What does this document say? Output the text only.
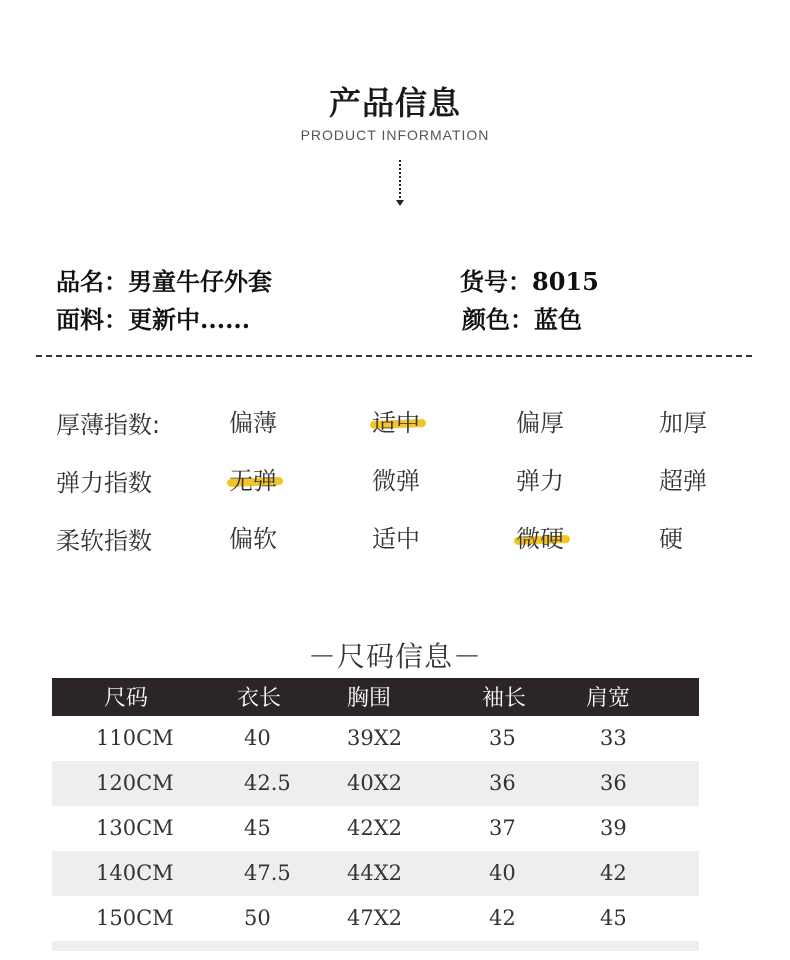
产品信息
PRODUCT INFORMATION
品名：男童牛仔外套	货号：8015
面料：更新中......	颜色：蓝色
厚薄指数:	偏薄	适中	偏厚	加厚
弹力指数	无弹	微弹	弹力	超弹
柔软指数	偏软	适中	微硬	硬
－尺码信息－
尺码	衣长	胸围	袖长	肩宽
110CM	40	39X2	35	33
120CM	42.5	40X2	36	36
130CM	45	42X2	37	39
140CM	47.5	44X2	40	42
150CM	50	47X2	42	45
